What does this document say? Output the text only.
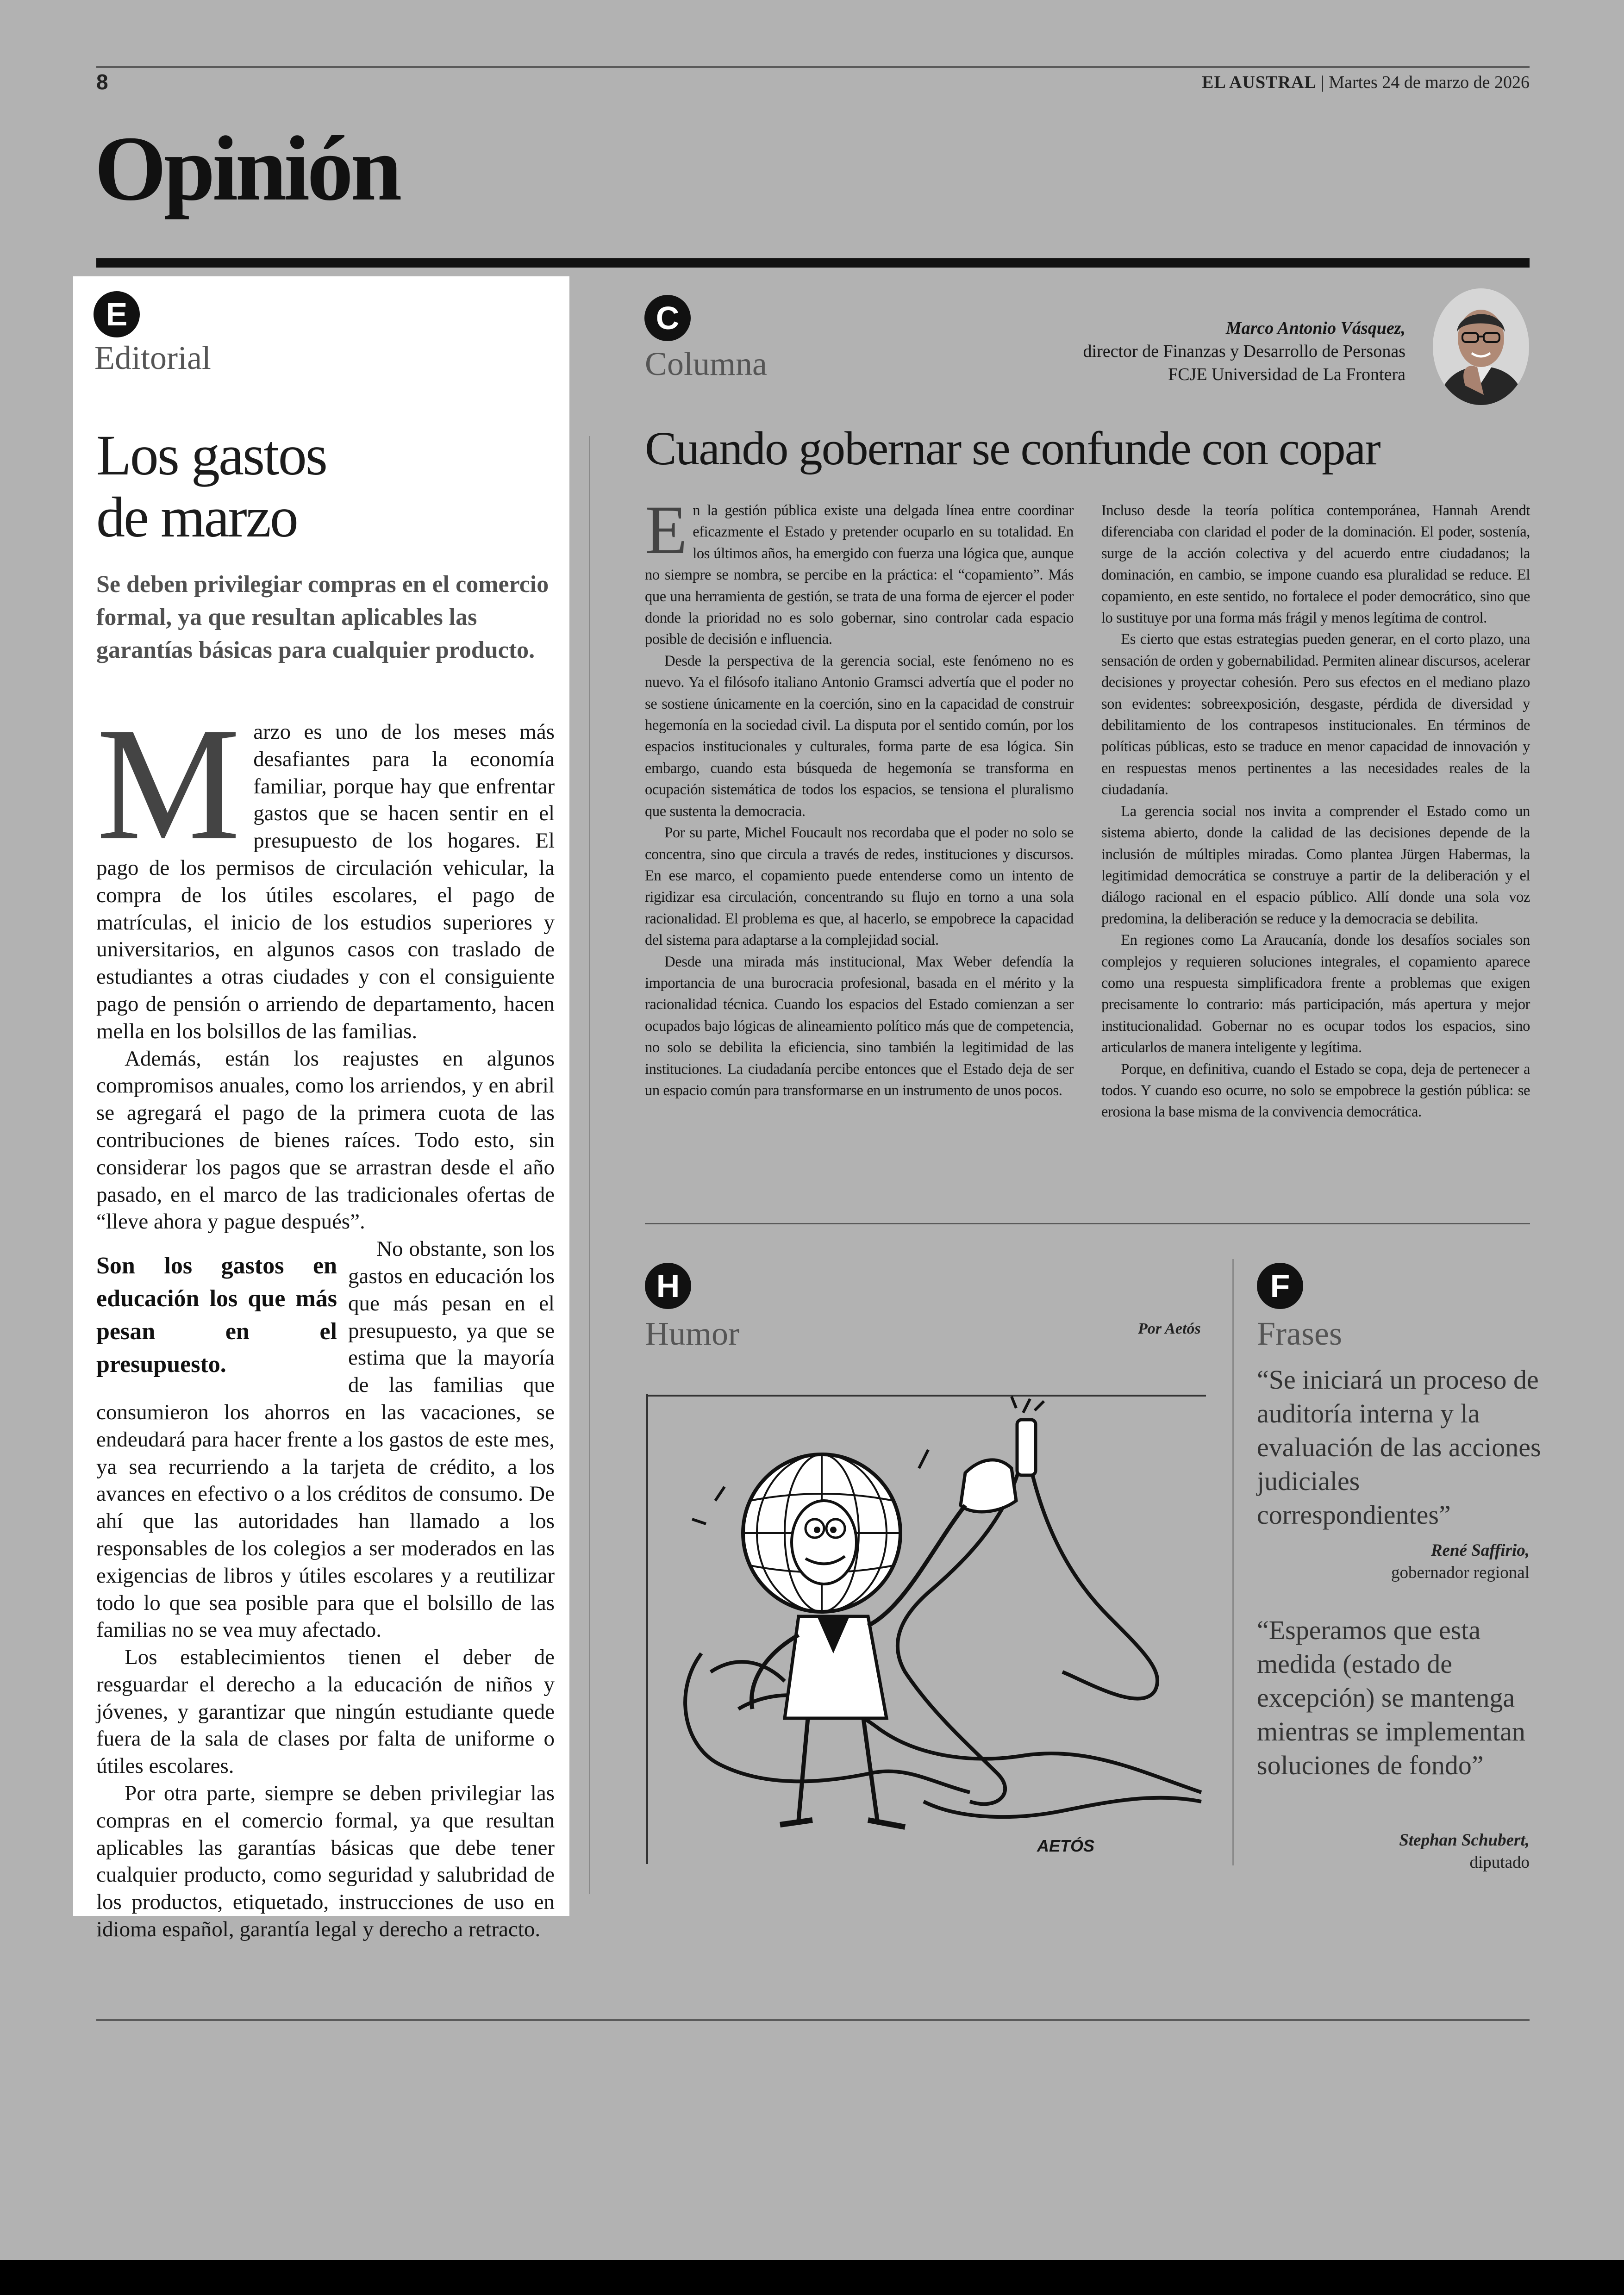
8	EL AUSTRAL | Martes 24 de marzo de 2026
Opinión
E
Editorial
Los gastos
de marzo
Se deben privilegiar compras en el comercio formal, ya que resultan aplicables las garantías básicas para cualquier producto.
M arzo es uno de los meses más desafiantes para la economía familiar, porque hay que enfrentar gastos que se hacen sentir en el presupuesto de los hogares. El pago de los permisos de circulación vehicular, la compra de los útiles escolares, el pago de matrículas, el inicio de los estudios superiores y universitarios, en algunos casos con traslado de estudiantes a otras ciudades y con el consiguiente pago de pensión o arriendo de departamento, hacen mella en los bolsillos de las familias.

Además, están los reajustes en algunos compromisos anuales, como los arriendos, y en abril se agregará el pago de la primera cuota de las contribuciones de bienes raíces. Todo esto, sin considerar los pagos que se arrastran desde el año pasado, en el marco de las tradicionales ofertas de “lleve ahora y pague después”.

Son los gastos en educación los que más pesan en el presupuesto.

No obstante, son los gastos en educación los que más pesan en el presupuesto, ya que se estima que la mayoría de las familias que consumieron los ahorros en las vacaciones, se endeudará para hacer frente a los gastos de este mes, ya sea recurriendo a la tarjeta de crédito, a los avances en efectivo o a los créditos de consumo. De ahí que las autoridades han llamado a los responsables de los colegios a ser moderados en las exigencias de libros y útiles escolares y a reutilizar todo lo que sea posible para que el bolsillo de las familias no se vea muy afectado.

Los establecimientos tienen el deber de resguardar el derecho a la educación de niños y jóvenes, y garantizar que ningún estudiante quede fuera de la sala de clases por falta de uniforme o útiles escolares.

Por otra parte, siempre se deben privilegiar las compras en el comercio formal, ya que resultan aplicables las garantías básicas que debe tener cualquier producto, como seguridad y salubridad de los productos, etiquetado, instrucciones de uso en idioma español, garantía legal y derecho a retracto.

C
Columna
Marco Antonio Vásquez,
director de Finanzas y Desarrollo de Personas
FCJE Universidad de La Frontera
Cuando gobernar se confunde con copar
E n la gestión pública existe una delgada línea entre coordinar eficazmente el Estado y pretender ocuparlo en su totalidad. En los últimos años, ha emergido con fuerza una lógica que, aunque no siempre se nombra, se percibe en la práctica: el “copamiento”. Más que una herramienta de gestión, se trata de una forma de ejercer el poder donde la prioridad no es solo gobernar, sino controlar cada espacio posible de decisión e influencia.

Desde la perspectiva de la gerencia social, este fenómeno no es nuevo. Ya el filósofo italiano Antonio Gramsci advertía que el poder no se sostiene únicamente en la coerción, sino en la capacidad de construir hegemonía en la sociedad civil. La disputa por el sentido común, por los espacios institucionales y culturales, forma parte de esa lógica. Sin embargo, cuando esta búsqueda de hegemonía se transforma en ocupación sistemática de todos los espacios, se tensiona el pluralismo que sustenta la democracia.

Por su parte, Michel Foucault nos recordaba que el poder no solo se concentra, sino que circula a través de redes, instituciones y discursos. En ese marco, el copamiento puede entenderse como un intento de rigidizar esa circulación, concentrando su flujo en torno a una sola racionalidad. El problema es que, al hacerlo, se empobrece la capacidad del sistema para adaptarse a la complejidad social.

Desde una mirada más institucional, Max Weber defendía la importancia de una burocracia profesional, basada en el mérito y la racionalidad técnica. Cuando los espacios del Estado comienzan a ser ocupados bajo lógicas de alineamiento político más que de competencia, no solo se debilita la eficiencia, sino también la legitimidad de las instituciones. La ciudadanía percibe entonces que el Estado deja de ser un espacio común para transformarse en un instrumento de unos pocos.

Incluso desde la teoría política contemporánea, Hannah Arendt diferenciaba con claridad el poder de la dominación. El poder, sostenía, surge de la acción colectiva y del acuerdo entre ciudadanos; la dominación, en cambio, se impone cuando esa pluralidad se reduce. El copamiento, en este sentido, no fortalece el poder democrático, sino que lo sustituye por una forma más frágil y menos legítima de control.

Es cierto que estas estrategias pueden generar, en el corto plazo, una sensación de orden y gobernabilidad. Permiten alinear discursos, acelerar decisiones y proyectar cohesión. Pero sus efectos en el mediano plazo son evidentes: sobreexposición, desgaste, pérdida de diversidad y debilitamiento de los contrapesos institucionales. En términos de políticas públicas, esto se traduce en menor capacidad de innovación y en respuestas menos pertinentes a las necesidades reales de la ciudadanía.

La gerencia social nos invita a comprender el Estado como un sistema abierto, donde la calidad de las decisiones depende de la inclusión de múltiples miradas. Como plantea Jürgen Habermas, la legitimidad democrática se construye a partir de la deliberación y el diálogo racional en el espacio público. Allí donde una sola voz predomina, la deliberación se reduce y la democracia se debilita.

En regiones como La Araucanía, donde los desafíos sociales son complejos y requieren soluciones integrales, el copamiento aparece como una respuesta simplificadora frente a problemas que exigen precisamente lo contrario: más participación, más apertura y mejor institucionalidad. Gobernar no es ocupar todos los espacios, sino articularlos de manera inteligente y legítima.

Porque, en definitiva, cuando el Estado se copa, deja de pertenecer a todos. Y cuando eso ocurre, no solo se empobrece la gestión pública: se erosiona la base misma de la convivencia democrática.

H
Humor	Por Aetós
AETÓS
F
Frases
“Se iniciará un proceso de auditoría interna y la evaluación de las acciones judiciales correspondientes”
René Saffirio,
gobernador regional
“Esperamos que esta medida (estado de excepción) se mantenga mientras se implementan soluciones de fondo”
Stephan Schubert,
diputado
